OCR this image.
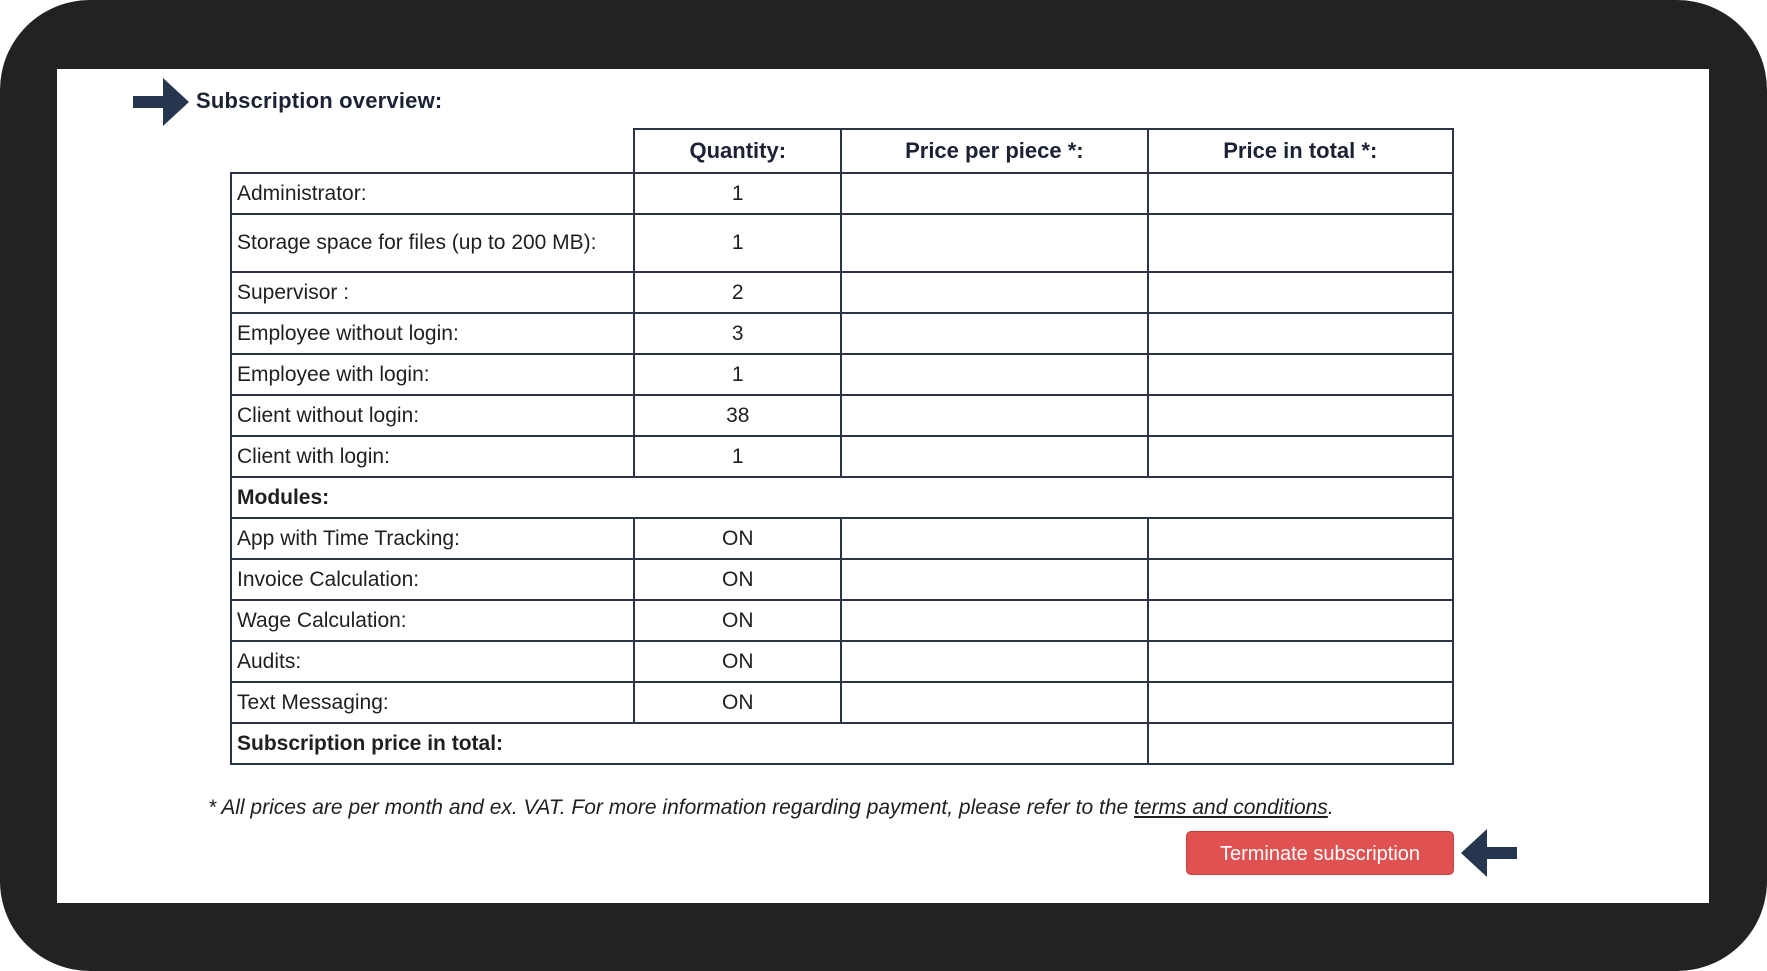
Subscription overview:
	Quantity:	Price per piece *:	Price in total *:
Administrator:	1		
Storage space for files (up to 200 MB):	1		
Supervisor :	2		
Employee without login:	3		
Employee with login:	1		
Client without login:	38		
Client with login:	1		
Modules:			
App with Time Tracking:	ON		
Invoice Calculation:	ON		
Wage Calculation:	ON		
Audits:	ON		
Text Messaging:	ON		
Subscription price in total:			
* All prices are per month and ex. VAT. For more information regarding payment, please refer to the terms and conditions.
Terminate subscription
